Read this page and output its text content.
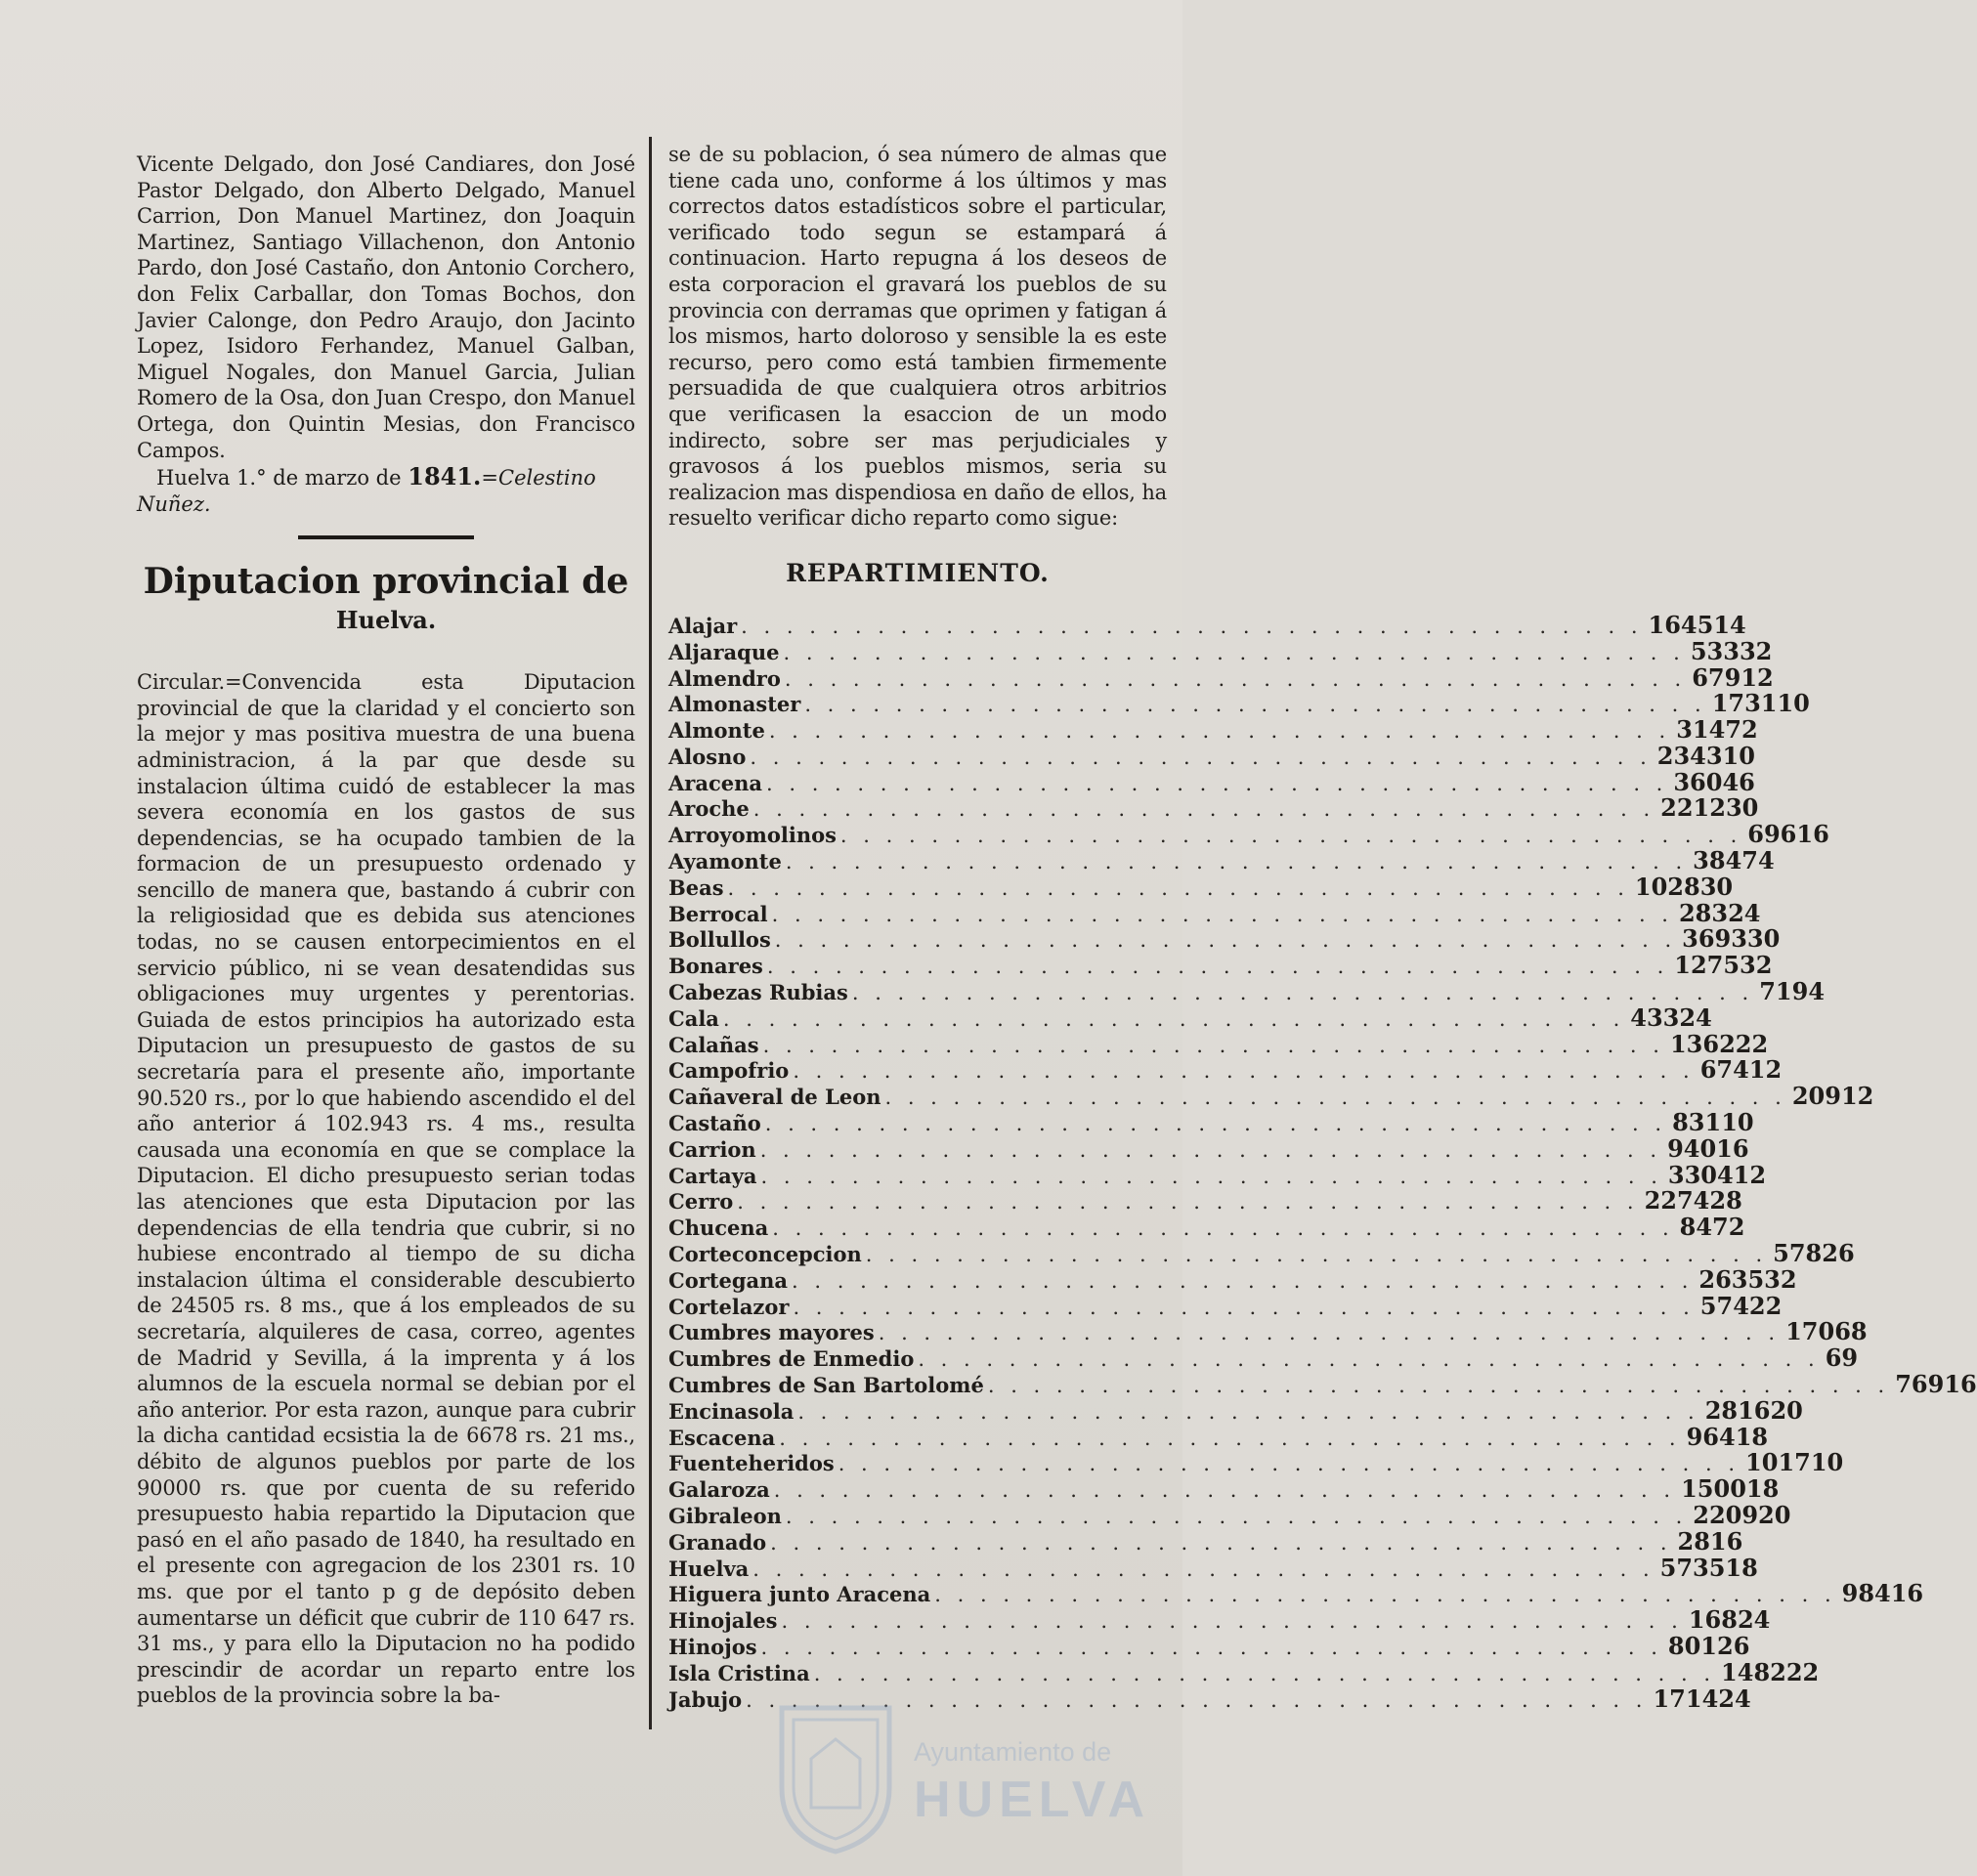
Vicente Delgado, don José Candiares, don José Pastor Delgado, don Alberto Delgado, Manuel Carrion, Don Manuel Martinez, don Joaquin Martinez, Santiago Villachenon, don Antonio Pardo, don José Castaño, don Antonio Corchero, don Felix Carballar, don Tomas Bochos, don Javier Calonge, don Pedro Araujo, don Jacinto Lopez, Isidoro Ferhandez, Manuel Galban, Miguel Nogales, don Manuel Garcia, Julian Romero de la Osa, don Juan Crespo, don Manuel Ortega, don Quintin Mesias, don Francisco Campos.

Huelva 1.° de marzo de 1841.=Celestino Nuñez.

Diputacion provincial de
Huelva.

Circular.=Convencida esta Diputacion provincial de que la claridad y el concierto son la mejor y mas positiva muestra de una buena administracion, á la par que desde su instalacion última cuidó de establecer la mas severa economía en los gastos de sus dependencias, se ha ocupado tambien de la formacion de un presupuesto ordenado y sencillo de manera que, bastando á cubrir con la religiosidad que es debida sus atenciones todas, no se causen entorpecimientos en el servicio público, ni se vean desatendidas sus obligaciones muy urgentes y perentorias. Guiada de estos principios ha autorizado esta Diputacion un presupuesto de gastos de su secretaría para el presente año, importante 90.520 rs., por lo que habiendo ascendido el del año anterior á 102.943 rs. 4 ms., resulta causada una economía en que se complace la Diputacion. El dicho presupuesto serian todas las atenciones que esta Diputacion por las dependencias de ella tendria que cubrir, si no hubiese encontrado al tiempo de su dicha instalacion última el considerable descubierto de 24505 rs. 8 ms., que á los empleados de su secretaría, alquileres de casa, correo, agentes de Madrid y Sevilla, á la imprenta y á los alumnos de la escuela normal se debian por el año anterior. Por esta razon, aunque para cubrir la dicha cantidad ecsistia la de 6678 rs. 21 ms., débito de algunos pueblos por parte de los 90000 rs. que por cuenta de su referido presupuesto habia repartido la Diputacion que pasó en el año pasado de 1840, ha resultado en el presente con agregacion de los 2301 rs. 10 ms. que por el tanto p g de depósito deben aumentarse un déficit que cubrir de 110 647 rs. 31 ms., y para ello la Diputacion no ha podido prescindir de acordar un reparto entre los pueblos de la provincia sobre la ba-

se de su poblacion, ó sea número de almas que tiene cada uno, conforme á los últimos y mas correctos datos estadísticos sobre el particular, verificado todo segun se estampará á continuacion. Harto repugna á los deseos de esta corporacion el gravará los pueblos de su provincia con derramas que oprimen y fatigan á los mismos, harto doloroso y sensible la es este recurso, pero como está tambien firmemente persuadida de que cualquiera otros arbitrios que verificasen la esaccion de un modo indirecto, sobre ser mas perjudiciales y gravosos á los pueblos mismos, seria su realizacion mas dispendiosa en daño de ellos, ha resuelto verificar dicho reparto como sigue:

REPARTIMIENTO.
Alajar . . . . . . . . . . . . . . . . . . . . . . . . . . . . . . . . . . . . . . . . 1645 14
Aljaraque . . . . . . . . . . . . . . . . . . . . . . . . . . . . . . . . . . . . . . . . 533 32
Almendro . . . . . . . . . . . . . . . . . . . . . . . . . . . . . . . . . . . . . . . . 679 12
Almonaster . . . . . . . . . . . . . . . . . . . . . . . . . . . . . . . . . . . . . . . . 1731 10
Almonte . . . . . . . . . . . . . . . . . . . . . . . . . . . . . . . . . . . . . . . . 3147 2
Alosno . . . . . . . . . . . . . . . . . . . . . . . . . . . . . . . . . . . . . . . . 2343 10
Aracena . . . . . . . . . . . . . . . . . . . . . . . . . . . . . . . . . . . . . . . . 3604 6
Aroche . . . . . . . . . . . . . . . . . . . . . . . . . . . . . . . . . . . . . . . . 2212 30
Arroyomolinos . . . . . . . . . . . . . . . . . . . . . . . . . . . . . . . . . . . . . . . . 696 16
Ayamonte . . . . . . . . . . . . . . . . . . . . . . . . . . . . . . . . . . . . . . . . 3847 4
Beas . . . . . . . . . . . . . . . . . . . . . . . . . . . . . . . . . . . . . . . . 1028 30
Berrocal . . . . . . . . . . . . . . . . . . . . . . . . . . . . . . . . . . . . . . . . 283 24
Bollullos . . . . . . . . . . . . . . . . . . . . . . . . . . . . . . . . . . . . . . . . 3693 30
Bonares . . . . . . . . . . . . . . . . . . . . . . . . . . . . . . . . . . . . . . . . 1275 32
Cabezas Rubias . . . . . . . . . . . . . . . . . . . . . . . . . . . . . . . . . . . . . . . . 719 4
Cala . . . . . . . . . . . . . . . . . . . . . . . . . . . . . . . . . . . . . . . . 433 24
Calañas . . . . . . . . . . . . . . . . . . . . . . . . . . . . . . . . . . . . . . . . 1362 22
Campofrio . . . . . . . . . . . . . . . . . . . . . . . . . . . . . . . . . . . . . . . . 674 12
Cañaveral de Leon . . . . . . . . . . . . . . . . . . . . . . . . . . . . . . . . . . . . . . . . 209 12
Castaño . . . . . . . . . . . . . . . . . . . . . . . . . . . . . . . . . . . . . . . . 831 10
Carrion . . . . . . . . . . . . . . . . . . . . . . . . . . . . . . . . . . . . . . . . 940 16
Cartaya . . . . . . . . . . . . . . . . . . . . . . . . . . . . . . . . . . . . . . . . 3304 12
Cerro . . . . . . . . . . . . . . . . . . . . . . . . . . . . . . . . . . . . . . . . 2274 28
Chucena . . . . . . . . . . . . . . . . . . . . . . . . . . . . . . . . . . . . . . . . 847 2
Corteconcepcion . . . . . . . . . . . . . . . . . . . . . . . . . . . . . . . . . . . . . . . . 578 26
Cortegana . . . . . . . . . . . . . . . . . . . . . . . . . . . . . . . . . . . . . . . . 2635 32
Cortelazor . . . . . . . . . . . . . . . . . . . . . . . . . . . . . . . . . . . . . . . . 574 22
Cumbres mayores . . . . . . . . . . . . . . . . . . . . . . . . . . . . . . . . . . . . . . . . 1706 8
Cumbres de Enmedio . . . . . . . . . . . . . . . . . . . . . . . . . . . . . . . . . . . . . . . . 69
Cumbres de San Bartolomé . . . . . . . . . . . . . . . . . . . . . . . . . . . . . . . . . . . . . . . . 769 16
Encinasola . . . . . . . . . . . . . . . . . . . . . . . . . . . . . . . . . . . . . . . . 2816 20
Escacena . . . . . . . . . . . . . . . . . . . . . . . . . . . . . . . . . . . . . . . . 964 18
Fuenteheridos . . . . . . . . . . . . . . . . . . . . . . . . . . . . . . . . . . . . . . . . 1017 10
Galaroza . . . . . . . . . . . . . . . . . . . . . . . . . . . . . . . . . . . . . . . . 1500 18
Gibraleon . . . . . . . . . . . . . . . . . . . . . . . . . . . . . . . . . . . . . . . . 2209 20
Granado . . . . . . . . . . . . . . . . . . . . . . . . . . . . . . . . . . . . . . . . 281 6
Huelva . . . . . . . . . . . . . . . . . . . . . . . . . . . . . . . . . . . . . . . . 5735 18
Higuera junto Aracena . . . . . . . . . . . . . . . . . . . . . . . . . . . . . . . . . . . . . . . . 984 16
Hinojales . . . . . . . . . . . . . . . . . . . . . . . . . . . . . . . . . . . . . . . . 168 24
Hinojos . . . . . . . . . . . . . . . . . . . . . . . . . . . . . . . . . . . . . . . . 801 26
Isla Cristina . . . . . . . . . . . . . . . . . . . . . . . . . . . . . . . . . . . . . . . . 1482 22
Jabujo . . . . . . . . . . . . . . . . . . . . . . . . . . . . . . . . . . . . . . . . 1714 24
Ayuntamiento de
HUELVA
